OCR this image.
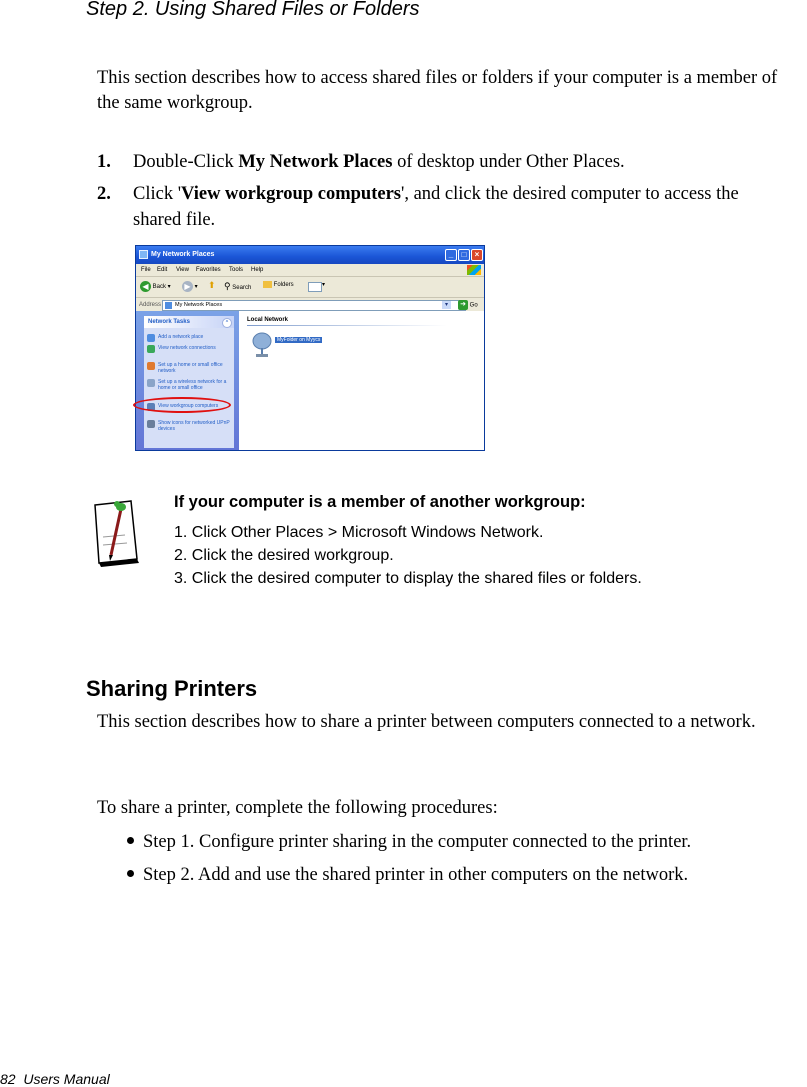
Step 2. Using Shared Files or Folders
This section describes how to access shared files or folders if your computer is a member of the same workgroup.
1. Double-Click My Network Places of desktop under Other Places.
2. Click 'View workgroup computers', and click the desired computer to access the
shared file.
My Network Places	_	□	×
File Edit View Favorites Tools Help
◀ Back ▾	▶ ▾ ⬆ ⚲ Search	Folders	▾
Address	My Network Places	▾	➜ Go
Network Tasks	⌃
Add a network place
View network connections
Set up a home or small office network
Set up a wireless network for a home or small office
View workgroup computers
Show icons for networked UPnP devices
Local Network
MyFolder on Myycs
If your computer is a member of another workgroup:
1. Click Other Places > Microsoft Windows Network.
2. Click the desired workgroup.
3. Click the desired computer to display the shared files or folders.
Sharing Printers
This section describes how to share a printer between computers connected to a network.
To share a printer, complete the following procedures:
Step 1. Configure printer sharing in the computer connected to the printer.
Step 2. Add and use the shared printer in other computers on the network.
82  Users Manual
